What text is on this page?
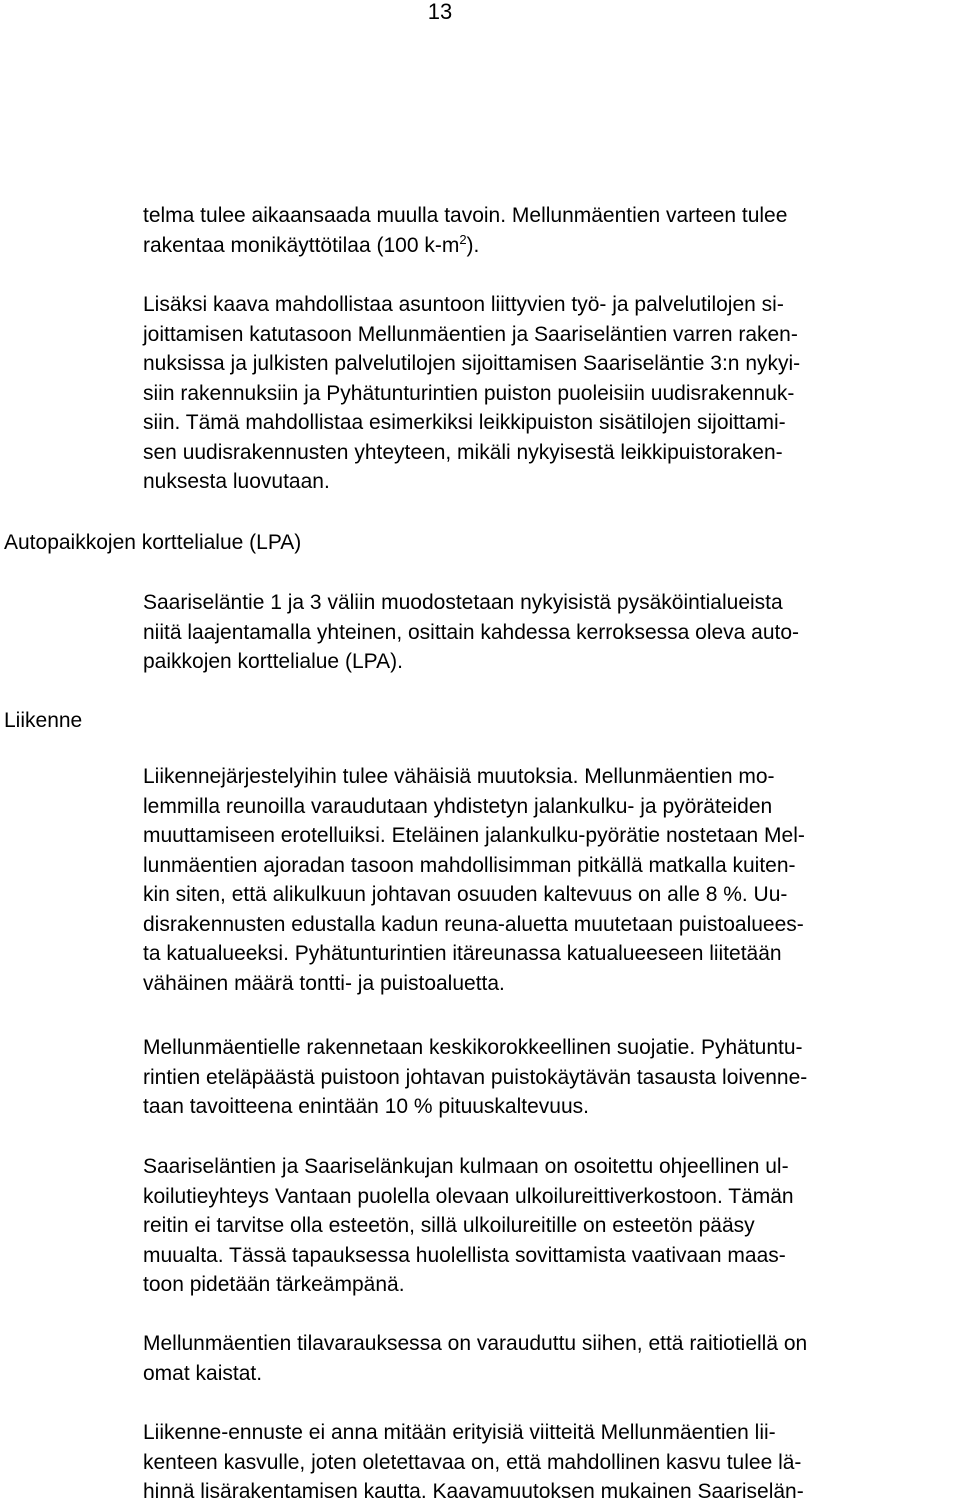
13

telma tulee aikaansaada muulla tavoin. Mellunmäentien varteen tulee
rakentaa monikäyttötilaa (100 $k-m^2$).

Lisäksi kaava mahdollistaa asuntoon liittyvien työ- ja palvelutilojen si-
joittamisen katutasoon Mellunmäentien ja Saariseläntien varren raken-
nuksissa ja julkisten palvelutilojen sijoittamisen Saariseläntie 3:n nykyi-
siin rakennuksiin ja Pyhätunturintien puiston puoleisiin uudisrakennuk-
siin. Tämä mahdollistaa esimerkiksi leikkipuiston sisätilojen sijoittami-
sen uudisrakennusten yhteyteen, mikäli nykyisestä leikkipuistoraken-
nuksesta luovutaan.

Autopaikkojen korttelialue (LPA)

Saariseläntie 1 ja 3 väliin muodostetaan nykyisistä pysäköintialueista
niitä laajentamalla yhteinen, osittain kahdessa kerroksessa oleva auto-
paikkojen korttelialue (LPA).

Liikenne

Liikennejärjestelyihin tulee vähäisiä muutoksia. Mellunmäentien mo-
lemmilla reunoilla varaudutaan yhdistetyn jalankulku- ja pyöräteiden
muuttamiseen erotelluiksi. Eteläinen jalankulku-pyörätie nostetaan Mel-
lunmäentien ajoradan tasoon mahdollisimman pitkällä matkalla kuiten-
kin siten, että alikulkuun johtavan osuuden kaltevuus on alle 8 %. Uu-
disrakennusten edustalla kadun reuna-aluetta muutetaan puistoaluees-
ta katualueeksi. Pyhätunturintien itäreunassa katualueeseen liitetään
vähäinen määrä tontti- ja puistoaluetta.

Mellunmäentielle rakennetaan keskikorokkeellinen suojatie. Pyhätuntu-
rintien eteläpäästä puistoon johtavan puistokäytävän tasausta loivenne-
taan tavoitteena enintään 10 % pituuskaltevuus.

Saariseläntien ja Saariselänkujan kulmaan on osoitettu ohjeellinen ul-
koilutieyhteys Vantaan puolella olevaan ulkoilureittiverkostoon. Tämän
reitin ei tarvitse olla esteetön, sillä ulkoilureitille on esteetön pääsy
muualta. Tässä tapauksessa huolellista sovittamista vaativaan maas-
toon pidetään tärkeämpänä.

Mellunmäentien tilavarauksessa on varauduttu siihen, että raitiotiellä on
omat kaistat.

Liikenne-ennuste ei anna mitään erityisiä viitteitä Mellunmäentien lii-
kenteen kasvulle, joten oletettavaa on, että mahdollinen kasvu tulee lä-
hinnä lisärakentamisen kautta. Kaavamuutoksen mukainen Saariselän-
